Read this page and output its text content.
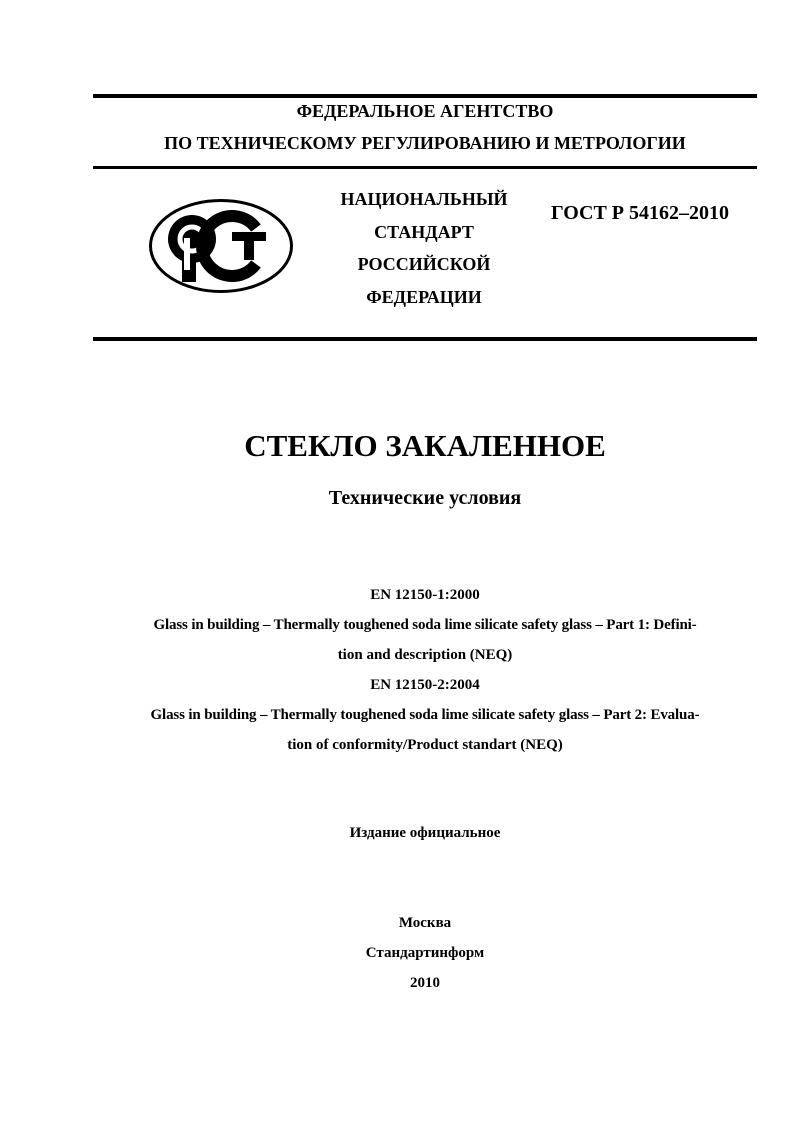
ФЕДЕРАЛЬНОЕ АГЕНТСТВО
ПО ТЕХНИЧЕСКОМУ РЕГУЛИРОВАНИЮ И МЕТРОЛОГИИ
НАЦИОНАЛЬНЫЙ
СТАНДАРТ
РОССИЙСКОЙ
ФЕДЕРАЦИИ
ГОСТ Р 54162–2010
СТЕКЛО ЗАКАЛЕННОЕ
Технические условия
EN 12150-1:2000
Glass in building – Thermally toughened soda lime silicate safety glass – Part 1: Defini-
tion and description (NEQ)
EN 12150-2:2004
Glass in building – Thermally toughened soda lime silicate safety glass – Part 2: Evalua-
tion of conformity/Product standart (NEQ)
Издание официальное
Москва
Стандартинформ
2010
